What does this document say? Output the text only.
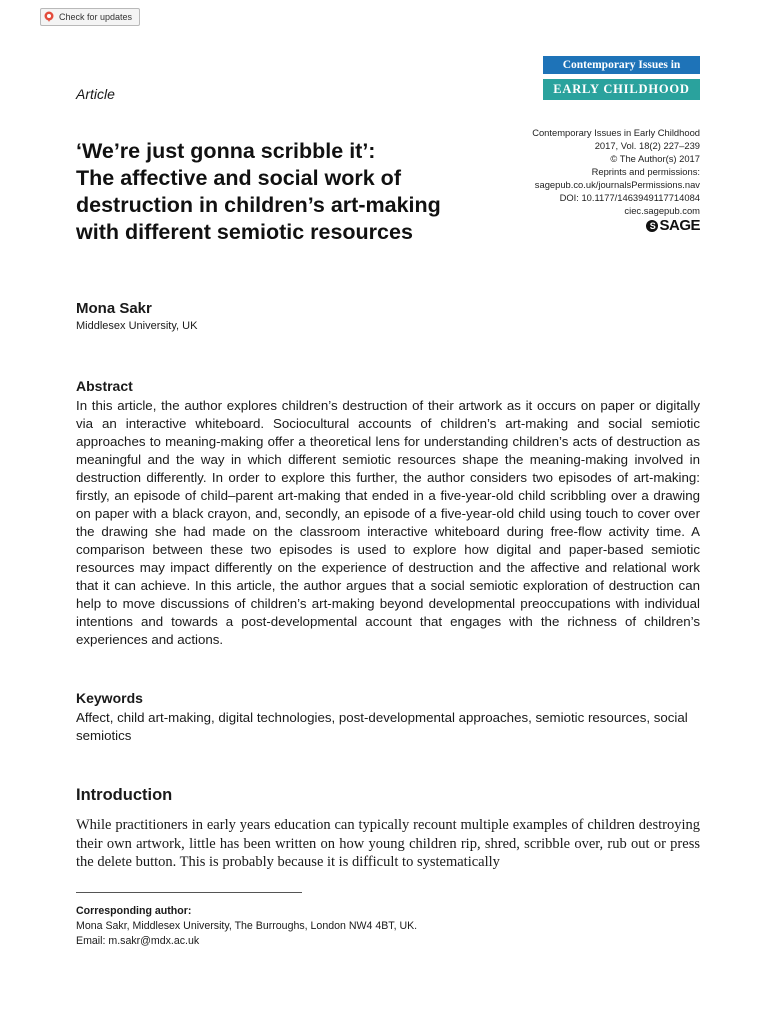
Check for updates
Contemporary Issues in
EARLY CHILDHOOD
Article
‘We’re just gonna scribble it’:
The affective and social work of
destruction in children’s art-making
with different semiotic resources
Contemporary Issues in Early Childhood
2017, Vol. 18(2) 227–239
© The Author(s) 2017
Reprints and permissions:
sagepub.co.uk/journalsPermissions.nav
DOI: 10.1177/1463949117714084
ciec.sagepub.com
S SAGE
Mona Sakr
Middlesex University, UK
Abstract
In this article, the author explores children’s destruction of their artwork as it occurs on paper or digitally via an interactive whiteboard. Sociocultural accounts of children’s art-making and social semiotic approaches to meaning-making offer a theoretical lens for understanding children’s acts of destruction as meaningful and the way in which different semiotic resources shape the meaning-making involved in destruction differently. In order to explore this further, the author considers two episodes of art-making: firstly, an episode of child–parent art-making that ended in a five-year-old child scribbling over a drawing on paper with a black crayon, and, secondly, an episode of a five-year-old child using touch to cover over the drawing she had made on the classroom interactive whiteboard during free-flow activity time. A comparison between these two episodes is used to explore how digital and paper-based semiotic resources may impact differently on the experience of destruction and the affective and relational work that it can achieve. In this article, the author argues that a social semiotic exploration of destruction can help to move discussions of children’s art-making beyond developmental preoccupations with individual intentions and towards a post-developmental account that engages with the richness of children’s experiences and actions.
Keywords
Affect, child art-making, digital technologies, post-developmental approaches, semiotic resources, social semiotics
Introduction
While practitioners in early years education can typically recount multiple examples of children destroying their own artwork, little has been written on how young children rip, shred, scribble over, rub out or press the delete button. This is probably because it is difficult to systematically
Corresponding author:
Mona Sakr, Middlesex University, The Burroughs, London NW4 4BT, UK.
Email: m.sakr@mdx.ac.uk
